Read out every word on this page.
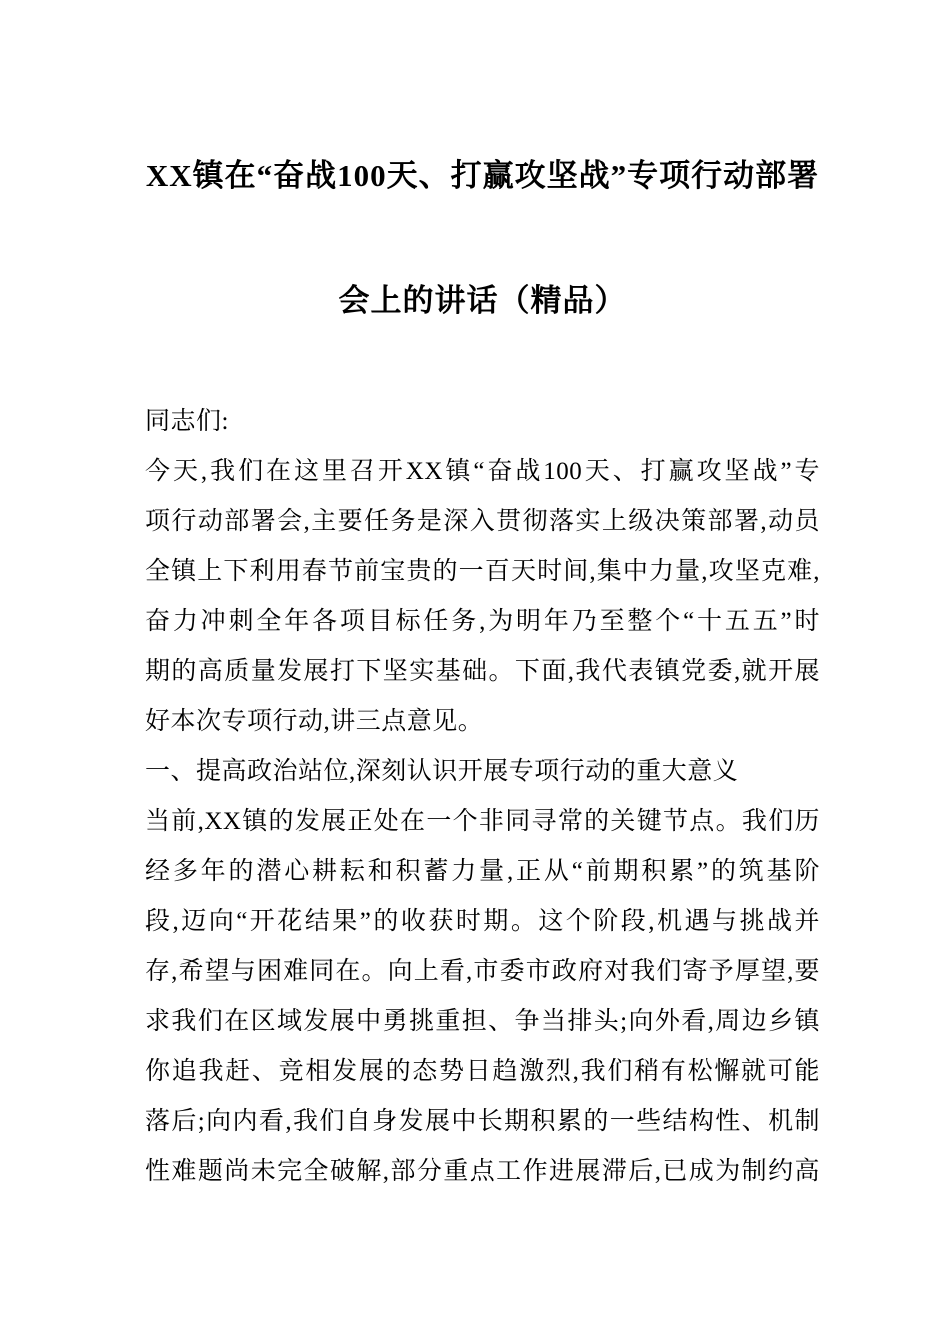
XX镇在“奋战100天、打赢攻坚战”专项行动部署
会上的讲话（精品）
同志们:
今天,我们在这里召开XX镇“奋战100天、打赢攻坚战”专
项行动部署会,主要任务是深入贯彻落实上级决策部署,动员
全镇上下利用春节前宝贵的一百天时间,集中力量,攻坚克难,
奋力冲刺全年各项目标任务,为明年乃至整个“十五五”时
期的高质量发展打下坚实基础。下面,我代表镇党委,就开展
好本次专项行动,讲三点意见。
一、提高政治站位,深刻认识开展专项行动的重大意义
当前,XX镇的发展正处在一个非同寻常的关键节点。我们历
经多年的潜心耕耘和积蓄力量,正从“前期积累”的筑基阶
段,迈向“开花结果”的收获时期。这个阶段,机遇与挑战并
存,希望与困难同在。向上看,市委市政府对我们寄予厚望,要
求我们在区域发展中勇挑重担、争当排头;向外看,周边乡镇
你追我赶、竞相发展的态势日趋激烈,我们稍有松懈就可能
落后;向内看,我们自身发展中长期积累的一些结构性、机制
性难题尚未完全破解,部分重点工作进展滞后,已成为制约高
